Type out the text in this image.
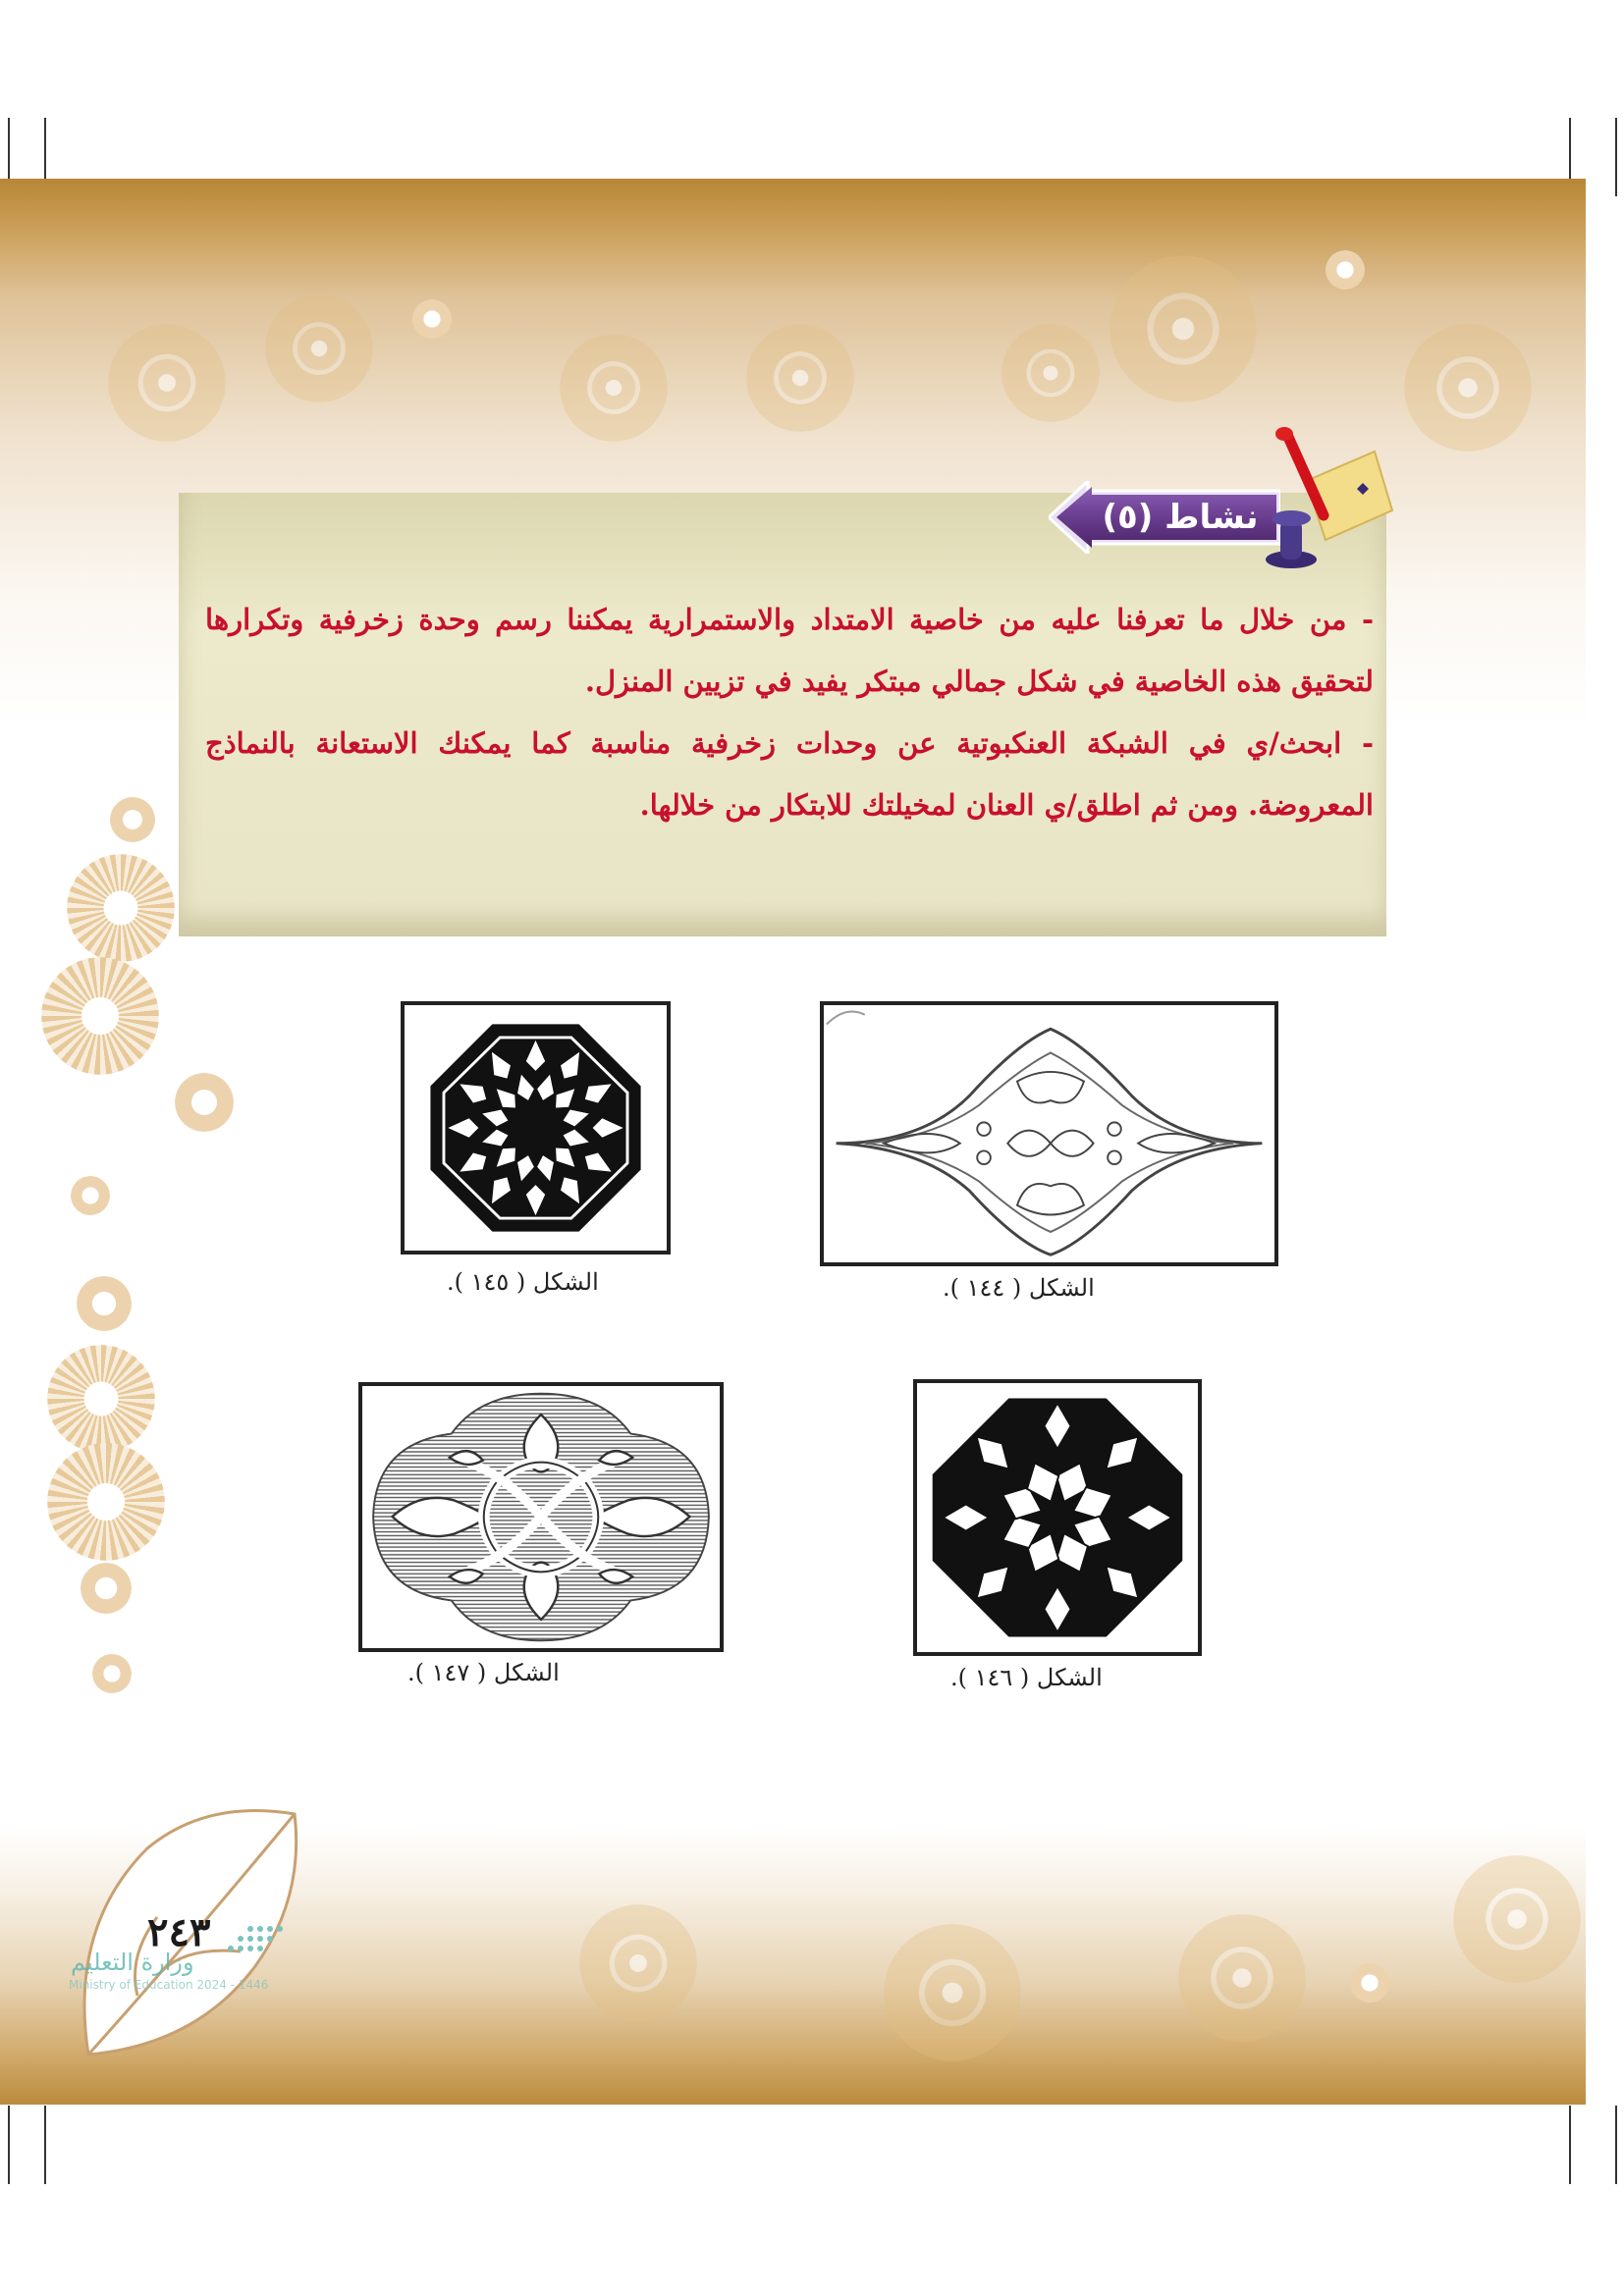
نشاط (٥)

- من خلال ما تعرفنا عليه من خاصية الامتداد والاستمرارية يمكننا رسم وحدة زخرفية وتكرارها لتحقيق هذه الخاصية في شكل جمالي مبتكر يفيد في تزيين المنزل.

- ابحث/ي في الشبكة العنكبوتية عن وحدات زخرفية مناسبة كما يمكنك الاستعانة بالنماذج المعروضة. ومن ثم اطلق/ي العنان لمخيلتك للابتكار من خلالها.

الشكل ( ١٤٤ ).
الشكل ( ١٤٥ ).
الشكل ( ١٤٦ ).
الشكل ( ١٤٧ ).
٢٤٣
وزارة التعليم
Ministry of Education 2024 - 1446
